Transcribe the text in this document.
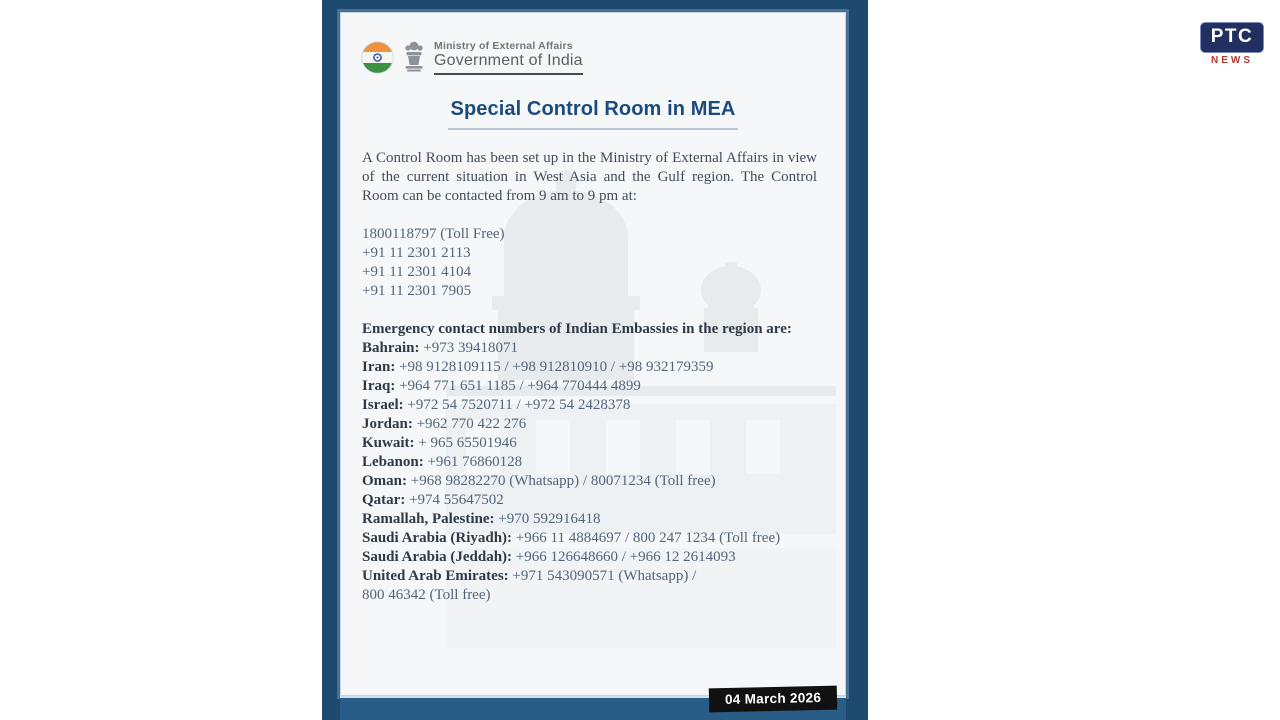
Ministry of External Affairs
Government of India
Special Control Room in MEA

A Control Room has been set up in the Ministry of External Affairs in view of the current situation in West Asia and the Gulf region. The Control Room can be contacted from 9 am to 9 pm at:

1800118797 (Toll Free)
+91 11 2301 2113
+91 11 2301 4104
+91 11 2301 7905
Emergency contact numbers of Indian Embassies in the region are:
Bahrain: +973 39418071
Iran: +98 9128109115 / +98 912810910 / +98 932179359
Iraq: +964 771 651 1185 / +964 770444 4899
Israel: +972 54 7520711 / +972 54 2428378
Jordan: +962 770 422 276
Kuwait: + 965 65501946
Lebanon: +961 76860128
Oman: +968 98282270 (Whatsapp) / 80071234 (Toll free)
Qatar: +974 55647502
Ramallah, Palestine: +970 592916418
Saudi Arabia (Riyadh): +966 11 4884697 / 800 247 1234 (Toll free)
Saudi Arabia (Jeddah): +966 126648660 / +966 12 2614093
United Arab Emirates: +971 543090571 (Whatsapp) / 800 46342 (Toll free)
04 March 2026
PTC
NEWS
